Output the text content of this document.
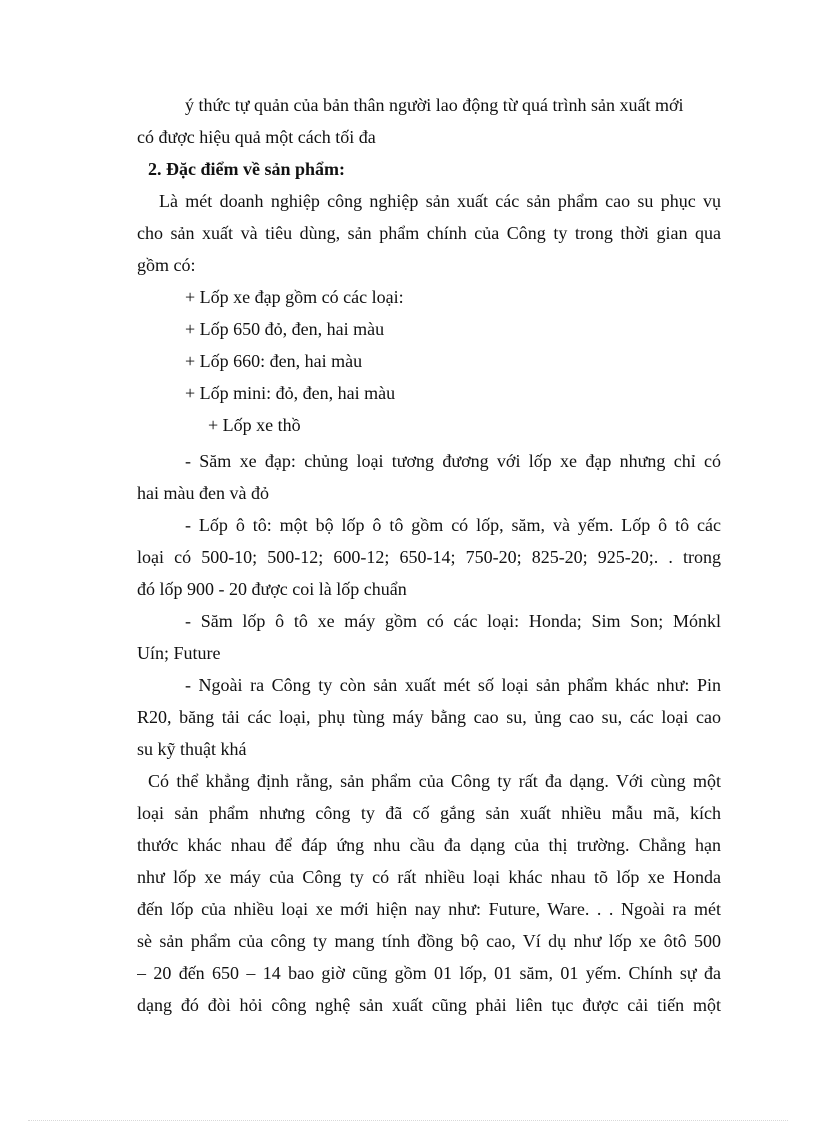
ý thức tự quản của bản thân người lao động từ quá trình sản xuất mới
có được hiệu quả một cách tối đa
2. Đặc điểm về sản phẩm:
Là mét doanh nghiệp công nghiệp sản xuất các sản phẩm cao su phục vụ
cho sản xuất và tiêu dùng, sản phẩm chính của Công ty trong thời gian qua
gồm có:
+ Lốp xe đạp gồm có các loại:
+ Lốp 650 đỏ, đen, hai màu
+ Lốp 660: đen, hai màu
+ Lốp mini: đỏ, đen, hai màu
+ Lốp xe thồ
- Săm xe đạp: chủng loại tương đương với lốp xe đạp nhưng chỉ có
hai màu đen và đỏ
- Lốp ô tô: một bộ lốp ô tô gồm có lốp, săm, và yếm. Lốp ô tô các
loại có 500-10; 500-12; 600-12; 650-14; 750-20; 825-20; 925-20;. . trong
đó lốp 900 - 20 được coi là lốp chuẩn
- Săm lốp ô tô xe máy gồm có các loại: Honda; Sim Son; Mónkl
Uín; Future
- Ngoài ra Công ty còn sản xuất mét số loại sản phẩm khác như: Pin
R20, băng tải các loại, phụ tùng máy bằng cao su, ủng cao su, các loại cao
su kỹ thuật khá
Có thể khẳng định rằng, sản phẩm của Công ty rất đa dạng. Với cùng một
loại sản phẩm nhưng công ty đã cố gắng sản xuất nhiều mẫu mã, kích
thước khác nhau để đáp ứng nhu cầu đa dạng của thị trường. Chẳng hạn
như lốp xe máy của Công ty có rất nhiều loại khác nhau tõ lốp xe Honda
đến lốp của nhiều loại xe mới hiện nay như: Future, Ware. . . Ngoài ra mét
sè sản phẩm của công ty mang tính đồng bộ cao, Ví dụ như lốp xe ôtô 500
– 20 đến 650 – 14 bao giờ cũng gồm 01 lốp, 01 săm, 01 yếm. Chính sự đa
dạng đó đòi hỏi công nghệ sản xuất cũng phải liên tục được cải tiến một
